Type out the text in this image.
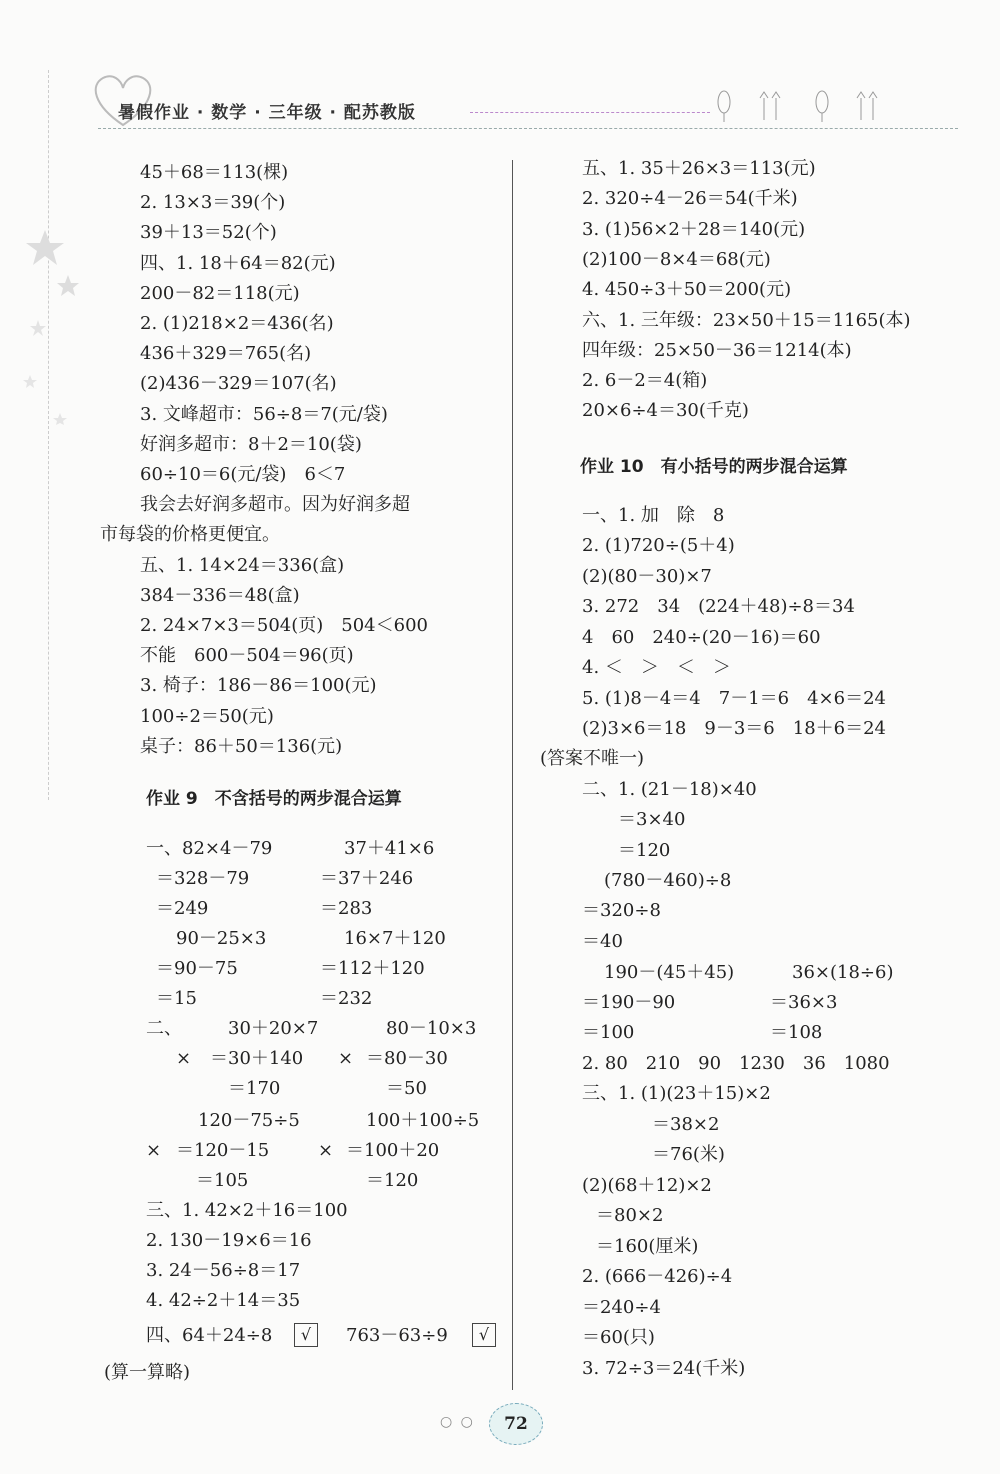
暑假作业 · 数学 · 三年级 · 配苏教版
45＋68＝113(棵)
2. 13×3＝39(个)
39＋13＝52(个)
四、1. 18＋64＝82(元)
200－82＝118(元)
2. (1)218×2＝436(名)
436＋329＝765(名)
(2)436－329＝107(名)
3. 文峰超市：56÷8＝7(元/袋)
好润多超市：8＋2＝10(袋)
60÷10＝6(元/袋)　6＜7
我会去好润多超市。因为好润多超
市每袋的价格更便宜。
五、1. 14×24＝336(盒)
384－336＝48(盒)
2. 24×7×3＝504(页)　504＜600
不能　600－504＝96(页)
3. 椅子：186－86＝100(元)
100÷2＝50(元)
桌子：86＋50＝136(元)
作业 9　不含括号的两步混合运算
一、82×4－79
＝328－79
＝249
90－25×3
＝90－75
＝15
37＋41×6
＝37＋246
＝283
16×7＋120
＝112＋120
＝232
二、	30＋20×7
× ＝30＋140
＝170
120－75÷5
× ＝120－15
＝105
80－10×3
× ＝80－30
＝50
100＋100÷5
× ＝100＋20
＝120
三、1. 42×2＋16＝100
2. 130－19×6＝16
3. 24－56÷8＝17
4. 42÷2＋14＝35
四、64＋24÷8	√	763－63÷9	√
(算一算略)
五、1. 35＋26×3＝113(元)
2. 320÷4－26＝54(千米)
3. (1)56×2＋28＝140(元)
(2)100－8×4＝68(元)
4. 450÷3＋50＝200(元)
六、1. 三年级：23×50＋15＝1165(本)
四年级：25×50－36＝1214(本)
2. 6－2＝4(箱)
20×6÷4＝30(千克)
作业 10　有小括号的两步混合运算
一、1. 加　除　8
2. (1)720÷(5＋4)
(2)(80－30)×7
3. 272　34　(224＋48)÷8＝34
4　60　240÷(20－16)＝60
4. ＜　＞　＜　＞
5. (1)8－4＝4　7－1＝6　4×6＝24
(2)3×6＝18　9－3＝6　18＋6＝24
(答案不唯一)
二、1. (21－18)×40
＝3×40
＝120
(780－460)÷8
＝320÷8
＝40
190－(45＋45)
＝190－90
＝100
36×(18÷6)
＝36×3
＝108
2. 80　210　90　1230　36　1080
三、1. (1)(23＋15)×2
＝38×2
＝76(米)
(2)(68＋12)×2
＝80×2
＝160(厘米)
2. (666－426)÷4
＝240÷4
＝60(只)
3. 72÷3＝24(千米)
○ ○	72
